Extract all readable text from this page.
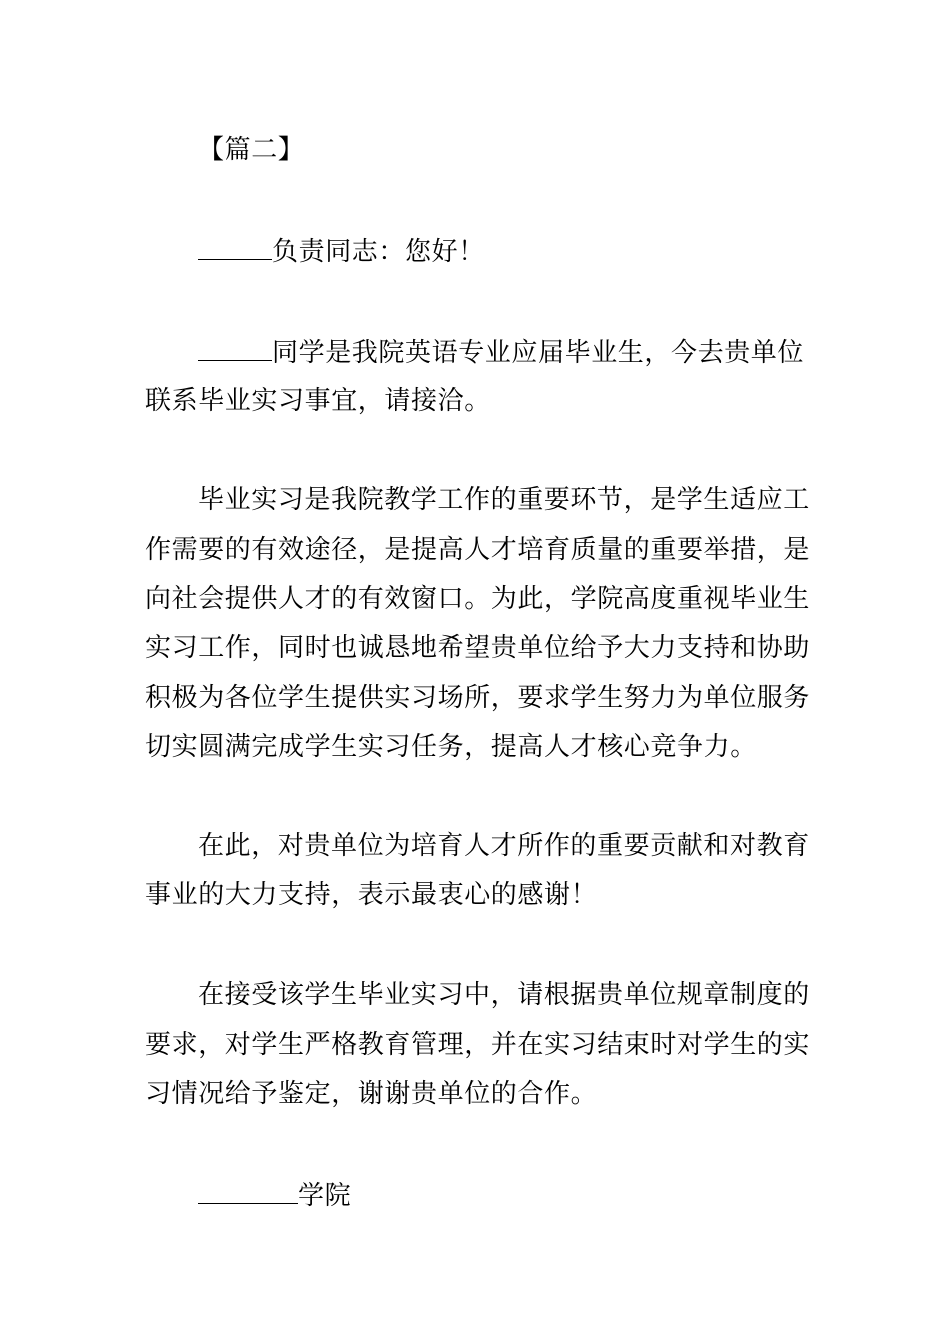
【篇二】
负责同志：您好！
同学是我院英语专业应届毕业生，今去贵单位
联系毕业实习事宜，请接洽。
毕业实习是我院教学工作的重要环节，是学生适应工
作需要的有效途径，是提高人才培育质量的重要举措，是
向社会提供人才的有效窗口。为此，学院高度重视毕业生
实习工作，同时也诚恳地希望贵单位给予大力支持和协助
积极为各位学生提供实习场所，要求学生努力为单位服务
切实圆满完成学生实习任务，提高人才核心竞争力。
在此，对贵单位为培育人才所作的重要贡献和对教育
事业的大力支持，表示最衷心的感谢！
在接受该学生毕业实习中，请根据贵单位规章制度的
要求，对学生严格教育管理，并在实习结束时对学生的实
习情况给予鉴定，谢谢贵单位的合作。
学院
